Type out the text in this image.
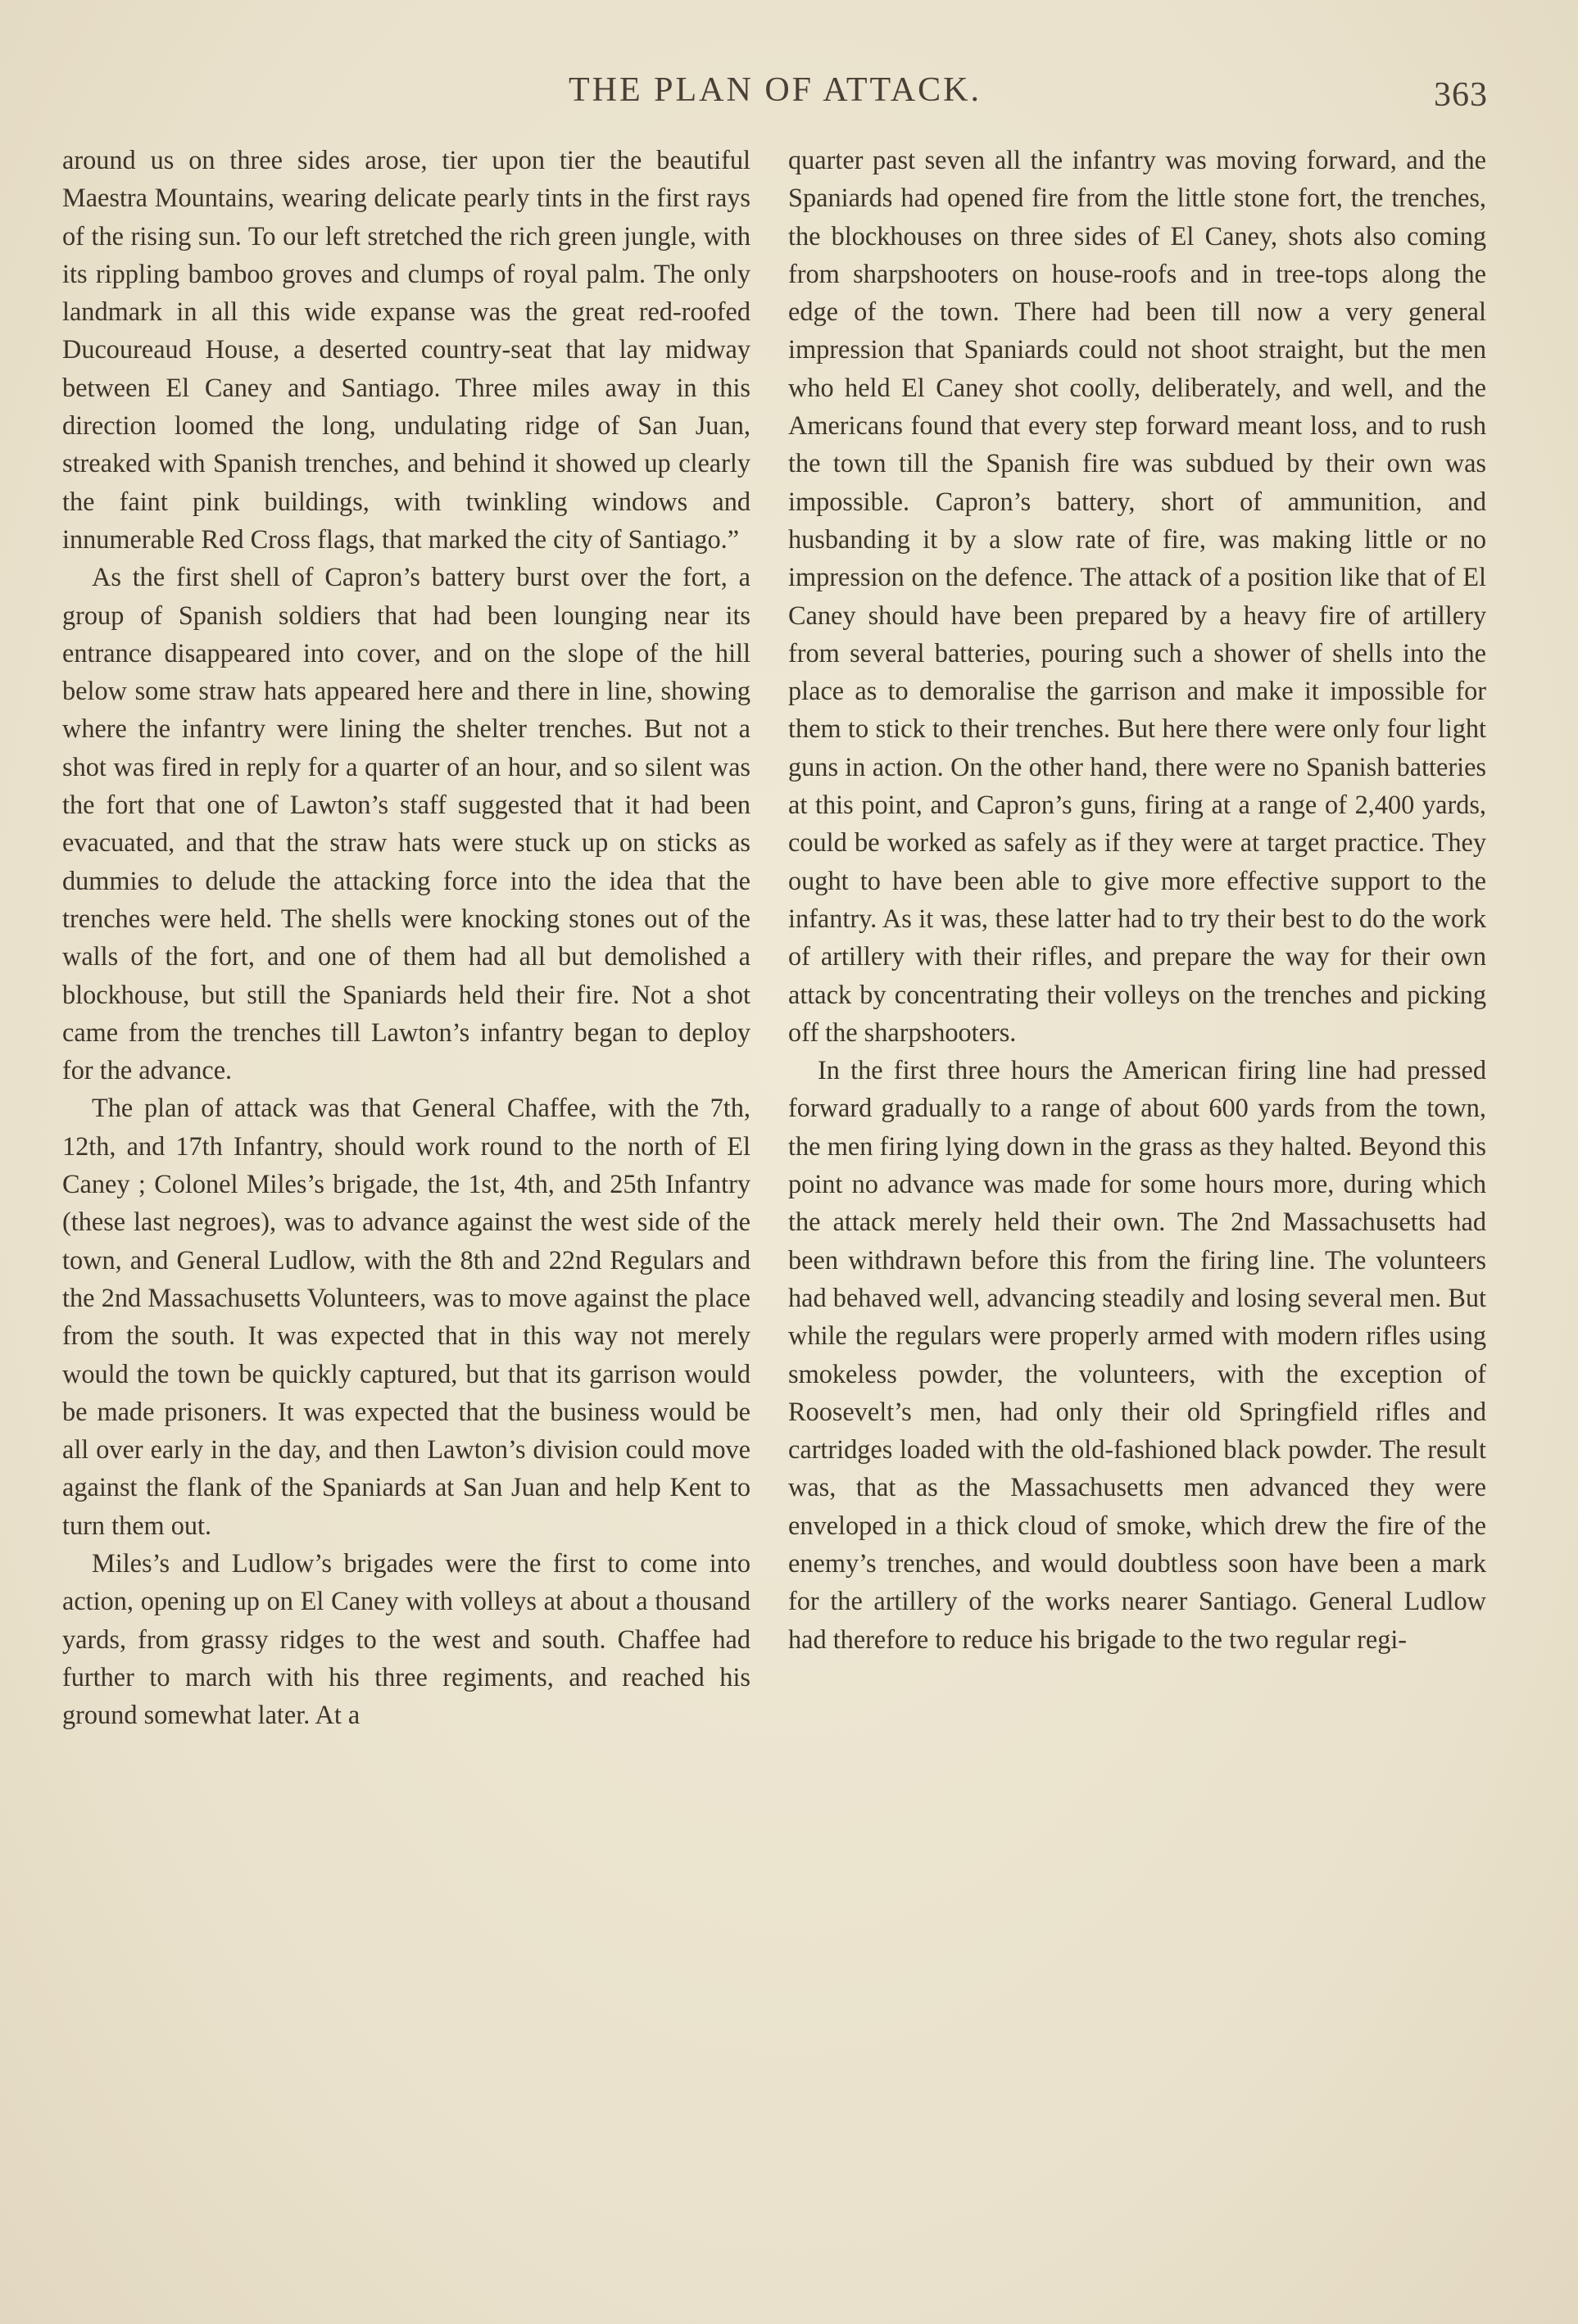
THE PLAN OF ATTACK.	363

around us on three sides arose, tier upon tier the beautiful Maestra Mountains, wearing delicate pearly tints in the first rays of the rising sun. To our left stretched the rich green jungle, with its rippling bamboo groves and clumps of royal palm. The only landmark in all this wide expanse was the great red-roofed Ducoureaud House, a deserted country-seat that lay midway between El Caney and Santiago. Three miles away in this direction loomed the long, undulating ridge of San Juan, streaked with Spanish trenches, and behind it showed up clearly the faint pink buildings, with twinkling windows and innumerable Red Cross flags, that marked the city of Santiago.”

As the first shell of Capron’s battery burst over the fort, a group of Spanish soldiers that had been lounging near its entrance disappeared into cover, and on the slope of the hill below some straw hats appeared here and there in line, showing where the infantry were lining the shelter trenches. But not a shot was fired in reply for a quarter of an hour, and so silent was the fort that one of Lawton’s staff suggested that it had been evacuated, and that the straw hats were stuck up on sticks as dummies to delude the attacking force into the idea that the trenches were held. The shells were knocking stones out of the walls of the fort, and one of them had all but demolished a blockhouse, but still the Spaniards held their fire. Not a shot came from the trenches till Lawton’s infantry began to deploy for the advance.

The plan of attack was that General Chaffee, with the 7th, 12th, and 17th Infantry, should work round to the north of El Caney ; Colonel Miles’s brigade, the 1st, 4th, and 25th Infantry (these last negroes), was to advance against the west side of the town, and General Ludlow, with the 8th and 22nd Regulars and the 2nd Massachusetts Volunteers, was to move against the place from the south. It was expected that in this way not merely would the town be quickly captured, but that its garrison would be made prisoners. It was expected that the business would be all over early in the day, and then Lawton’s division could move against the flank of the Spaniards at San Juan and help Kent to turn them out.

Miles’s and Ludlow’s brigades were the first to come into action, opening up on El Caney with volleys at about a thousand yards, from grassy ridges to the west and south. Chaffee had further to march with his three regiments, and reached his ground somewhat later. At a

quarter past seven all the infantry was moving forward, and the Spaniards had opened fire from the little stone fort, the trenches, the blockhouses on three sides of El Caney, shots also coming from sharpshooters on house-roofs and in tree-tops along the edge of the town. There had been till now a very general impression that Spaniards could not shoot straight, but the men who held El Caney shot coolly, deliberately, and well, and the Americans found that every step forward meant loss, and to rush the town till the Spanish fire was subdued by their own was impossible. Capron’s battery, short of ammunition, and husbanding it by a slow rate of fire, was making little or no impression on the defence. The attack of a position like that of El Caney should have been prepared by a heavy fire of artillery from several batteries, pouring such a shower of shells into the place as to demoralise the garrison and make it impossible for them to stick to their trenches. But here there were only four light guns in action. On the other hand, there were no Spanish batteries at this point, and Capron’s guns, firing at a range of 2,400 yards, could be worked as safely as if they were at target practice. They ought to have been able to give more effective support to the infantry. As it was, these latter had to try their best to do the work of artillery with their rifles, and prepare the way for their own attack by concentrating their volleys on the trenches and picking off the sharpshooters.

In the first three hours the American firing line had pressed forward gradually to a range of about 600 yards from the town, the men firing lying down in the grass as they halted. Beyond this point no advance was made for some hours more, during which the attack merely held their own. The 2nd Massachusetts had been withdrawn before this from the firing line. The volunteers had behaved well, advancing steadily and losing several men. But while the regulars were properly armed with modern rifles using smokeless powder, the volunteers, with the exception of Roosevelt’s men, had only their old Springfield rifles and cartridges loaded with the old-fashioned black powder. The result was, that as the Massachusetts men advanced they were enveloped in a thick cloud of smoke, which drew the fire of the enemy’s trenches, and would doubtless soon have been a mark for the artillery of the works nearer Santiago. General Ludlow had therefore to reduce his brigade to the two regular regi-
